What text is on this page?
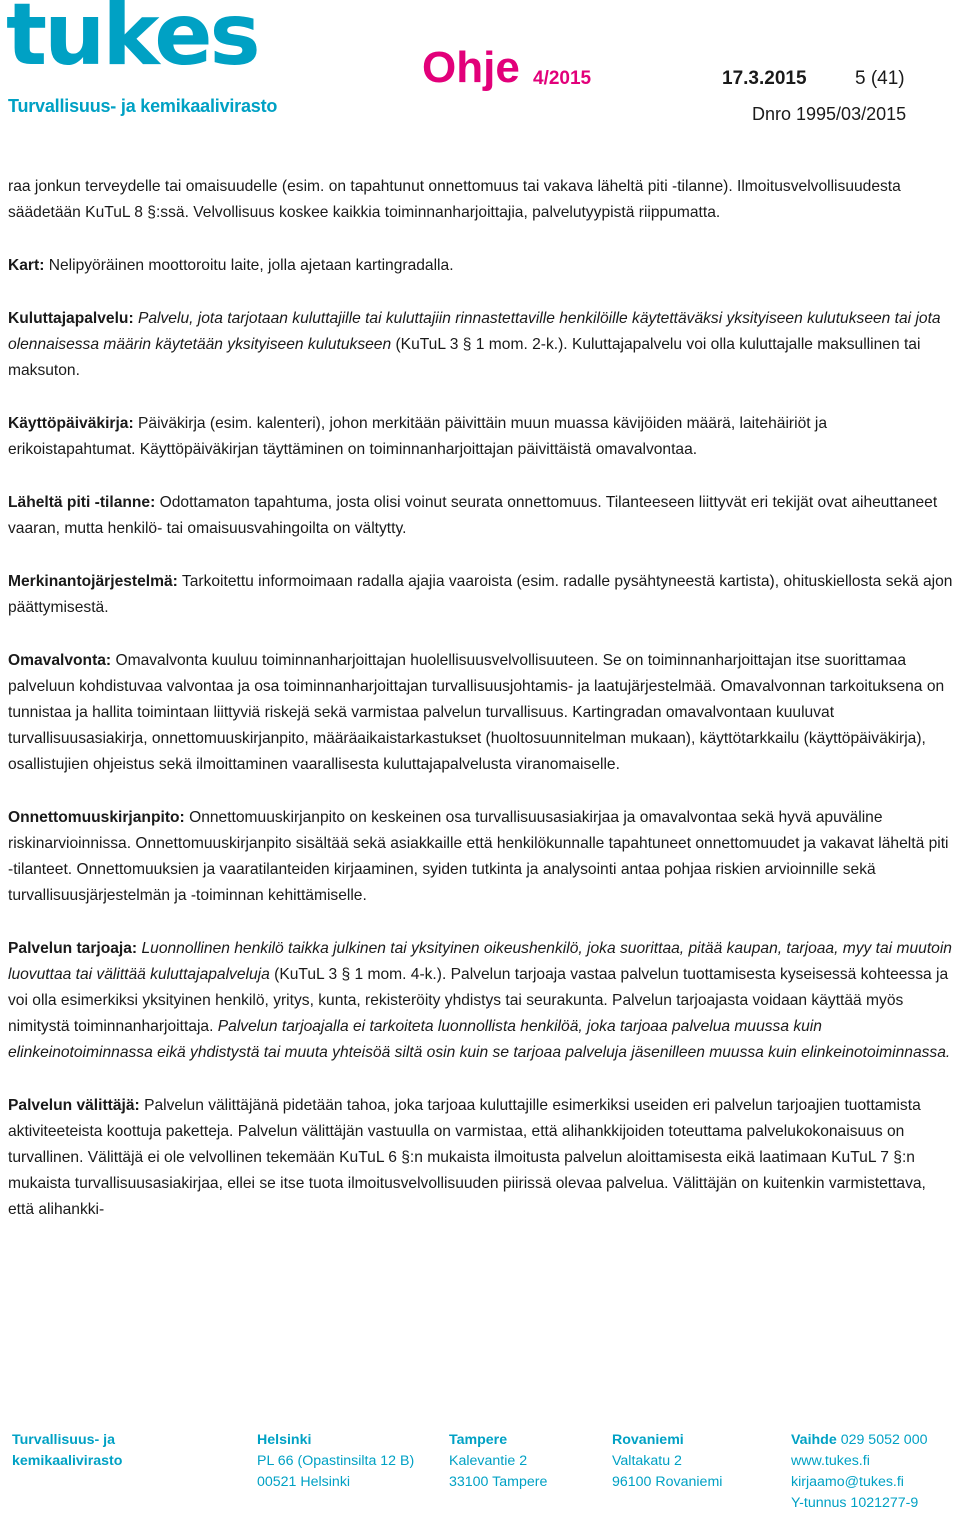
tukes
Turvallisuus- ja kemikaalivirasto
Ohje 4/2015	17.3.2015	5 (41)
Dnro 1995/03/2015

raa jonkun terveydelle tai omaisuudelle (esim. on tapahtunut onnettomuus tai vakava läheltä piti -tilanne). Ilmoitusvelvollisuudesta säädetään KuTuL 8 §:ssä. Velvollisuus koskee kaikkia toiminnanharjoittajia, palvelutyypistä riippumatta.

Kart: Nelipyöräinen moottoroitu laite, jolla ajetaan kartingradalla.

Kuluttajapalvelu: Palvelu, jota tarjotaan kuluttajille tai kuluttajiin rinnastettaville henkilöille käytettäväksi yksityiseen kulutukseen tai jota olennaisessa määrin käytetään yksityiseen kulutukseen (KuTuL 3 § 1 mom. 2-k.). Kuluttajapalvelu voi olla kuluttajalle maksullinen tai maksuton.

Käyttöpäiväkirja: Päiväkirja (esim. kalenteri), johon merkitään päivittäin muun muassa kävijöiden määrä, laitehäiriöt ja erikoistapahtumat. Käyttöpäiväkirjan täyttäminen on toiminnanharjoittajan päivittäistä omavalvontaa.

Läheltä piti -tilanne: Odottamaton tapahtuma, josta olisi voinut seurata onnettomuus. Tilanteeseen liittyvät eri tekijät ovat aiheuttaneet vaaran, mutta henkilö- tai omaisuusvahingoilta on vältytty.

Merkinantojärjestelmä: Tarkoitettu informoimaan radalla ajajia vaaroista (esim. radalle pysähtyneestä kartista), ohituskiellosta sekä ajon päättymisestä.

Omavalvonta: Omavalvonta kuuluu toiminnanharjoittajan huolellisuusvelvollisuuteen. Se on toiminnanharjoittajan itse suorittamaa palveluun kohdistuvaa valvontaa ja osa toiminnanharjoittajan turvallisuusjohtamis- ja laatujärjestelmää. Omavalvonnan tarkoituksena on tunnistaa ja hallita toimintaan liittyviä riskejä sekä varmistaa palvelun turvallisuus. Kartingradan omavalvontaan kuuluvat turvallisuusasiakirja, onnettomuuskirjanpito, määräaikaistarkastukset (huoltosuunnitelman mukaan), käyttötarkkailu (käyttöpäiväkirja), osallistujien ohjeistus sekä ilmoittaminen vaarallisesta kuluttajapalvelusta viranomaiselle.

Onnettomuuskirjanpito: Onnettomuuskirjanpito on keskeinen osa turvallisuusasiakirjaa ja omavalvontaa sekä hyvä apuväline riskinarvioinnissa. Onnettomuuskirjanpito sisältää sekä asiakkaille että henkilökunnalle tapahtuneet onnettomuudet ja vakavat läheltä piti -tilanteet. Onnettomuuksien ja vaaratilanteiden kirjaaminen, syiden tutkinta ja analysointi antaa pohjaa riskien arvioinnille sekä turvallisuusjärjestelmän ja -toiminnan kehittämiselle.

Palvelun tarjoaja: Luonnollinen henkilö taikka julkinen tai yksityinen oikeushenkilö, joka suorittaa, pitää kaupan, tarjoaa, myy tai muutoin luovuttaa tai välittää kuluttajapalveluja (KuTuL 3 § 1 mom. 4-k.). Palvelun tarjoaja vastaa palvelun tuottamisesta kyseisessä kohteessa ja voi olla esimerkiksi yksityinen henkilö, yritys, kunta, rekisteröity yhdistys tai seurakunta. Palvelun tarjoajasta voidaan käyttää myös nimitystä toiminnanharjoittaja. Palvelun tarjoajalla ei tarkoiteta luonnollista henkilöä, joka tarjoaa palvelua muussa kuin elinkeinotoiminnassa eikä yhdistystä tai muuta yhteisöä siltä osin kuin se tarjoaa palveluja jäsenilleen muussa kuin elinkeinotoiminnassa.

Palvelun välittäjä: Palvelun välittäjänä pidetään tahoa, joka tarjoaa kuluttajille esimerkiksi useiden eri palvelun tarjoajien tuottamista aktiviteeteista koottuja paketteja. Palvelun välittäjän vastuulla on varmistaa, että alihankkijoiden toteuttama palvelukokonaisuus on turvallinen. Välittäjä ei ole velvollinen tekemään KuTuL 6 §:n mukaista ilmoitusta palvelun aloittamisesta eikä laatimaan KuTuL 7 §:n mukaista turvallisuusasiakirjaa, ellei se itse tuota ilmoitusvelvollisuuden piirissä olevaa palvelua. Välittäjän on kuitenkin varmistettava, että alihankki-

Turvallisuus- ja
kemikaalivirasto
Helsinki
PL 66 (Opastinsilta 12 B)
00521 Helsinki
Tampere
Kalevantie 2
33100 Tampere
Rovaniemi
Valtakatu 2
96100 Rovaniemi
Vaihde 029 5052 000
www.tukes.fi
kirjaamo@tukes.fi
Y-tunnus 1021277-9
